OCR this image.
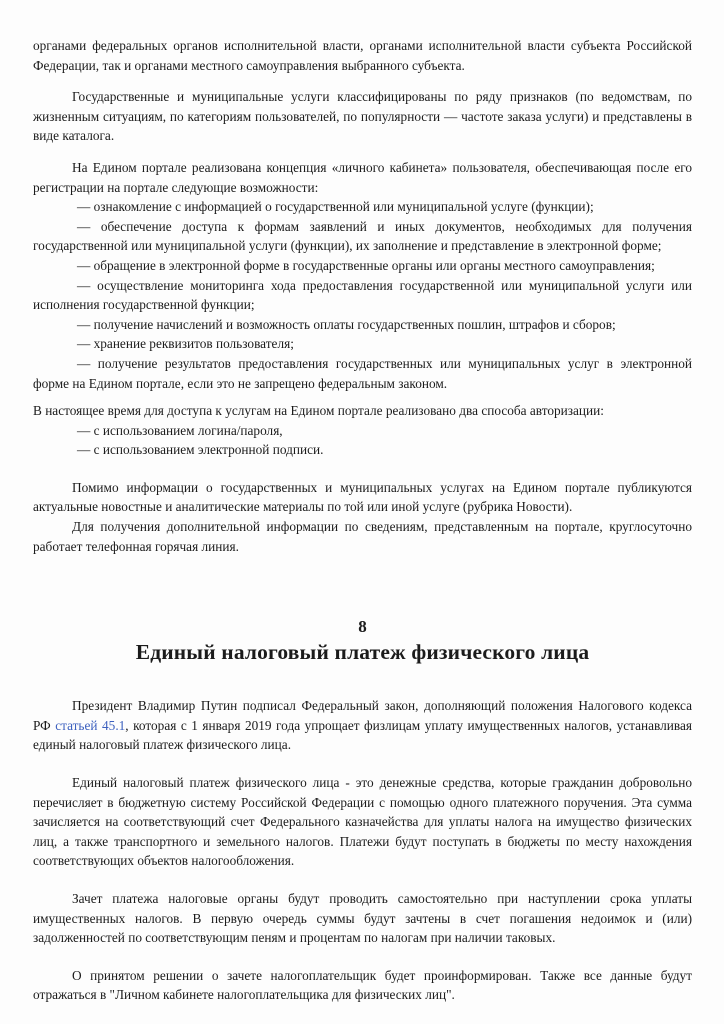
органами федеральных органов исполнительной власти, органами исполнительной власти субъекта Российской Федерации, так и органами местного самоуправления выбранного субъекта.

Государственные и муниципальные услуги классифицированы по ряду признаков (по ведомствам, по жизненным ситуациям, по категориям пользователей, по популярности — частоте заказа услуги) и представлены в виде каталога.

На Едином портале реализована концепция «личного кабинета» пользователя, обеспечивающая после его регистрации на портале следующие возможности:

— ознакомление с информацией о государственной или муниципальной услуге (функции);

— обеспечение доступа к формам заявлений и иных документов, необходимых для получения государственной или муниципальной услуги (функции), их заполнение и представление в электронной форме;

— обращение в электронной форме в государственные органы или органы местного самоуправления;

— осуществление мониторинга хода предоставления государственной или муниципальной услуги или исполнения государственной функции;

— получение начислений и возможность оплаты государственных пошлин, штрафов и сборов;

— хранение реквизитов пользователя;

— получение результатов предоставления государственных или муниципальных услуг в электронной форме на Едином портале, если это не запрещено федеральным законом.

В настоящее время для доступа к услугам на Едином портале реализовано два способа авторизации:

— с использованием логина/пароля,

— с использованием электронной подписи.

Помимо информации о государственных и муниципальных услугах на Едином портале публикуются актуальные новостные и аналитические материалы по той или иной услуге (рубрика Новости).

Для получения дополнительной информации по сведениям, представленным на портале, круглосуточно работает телефонная горячая линия.

8

Единый налоговый платеж физического лица

Президент Владимир Путин подписал Федеральный закон, дополняющий положения Налогового кодекса РФ статьей 45.1, которая с 1 января 2019 года упрощает физлицам уплату имущественных налогов, устанавливая единый налоговый платеж физического лица.

Единый налоговый платеж физического лица - это денежные средства, которые гражданин добровольно перечисляет в бюджетную систему Российской Федерации с помощью одного платежного поручения. Эта сумма зачисляется на соответствующий счет Федерального казначейства для уплаты налога на имущество физических лиц, а также транспортного и земельного налогов. Платежи будут поступать в бюджеты по месту нахождения соответствующих объектов налогообложения.

Зачет платежа налоговые органы будут проводить самостоятельно при наступлении срока уплаты имущественных налогов. В первую очередь суммы будут зачтены в счет погашения недоимок и (или) задолженностей по соответствующим пеням и процентам по налогам при наличии таковых.

О принятом решении о зачете налогоплательщик будет проинформирован. Также все данные будут отражаться в "Личном кабинете налогоплательщика для физических лиц".
